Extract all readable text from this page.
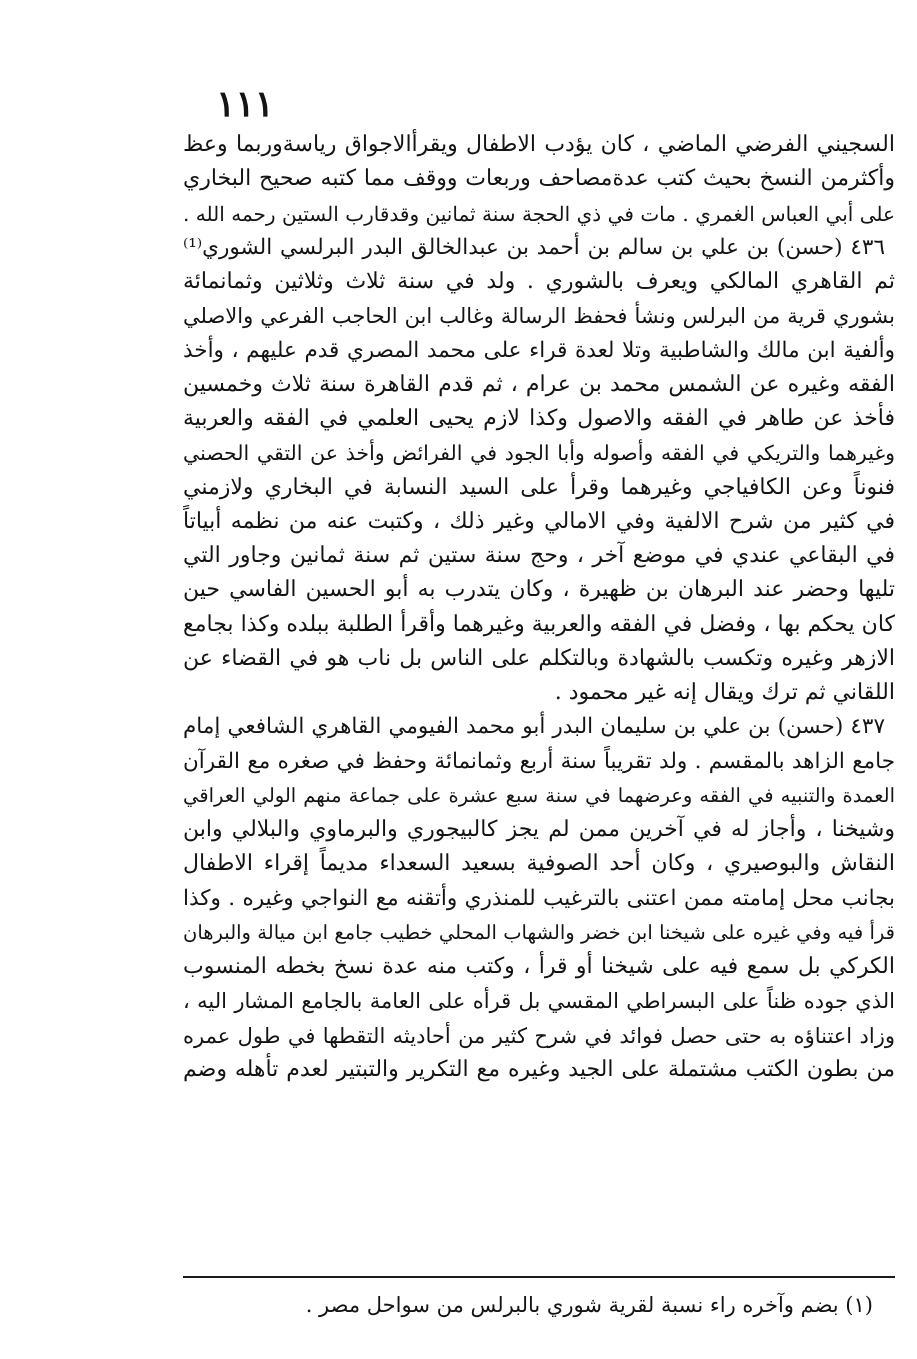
١١١
السجيني الفرضي الماضي ، كان يؤدب الاطفال ويقرأالاجواق رياسةوربما وعظ
وأكثرمن النسخ بحيث كتب عدةمصاحف وربعات ووقف مما كتبه صحيح البخاري
على أبي العباس الغمري . مات في ذي الحجة سنة ثمانين وقدقارب الستين رحمه الله .
٤٣٦ (حسن) بن علي بن سالم بن أحمد بن عبدالخالق البدر البرلسي الشوري⁽¹⁾
ثم القاهري المالكي ويعرف بالشوري . ولد في سنة ثلاث وثلاثين وثمانمائة
بشوري قرية من البرلس ونشأ فحفظ الرسالة وغالب ابن الحاجب الفرعي والاصلي
وألفية ابن مالك والشاطبية وتلا لعدة قراء على محمد المصري قدم عليهم ، وأخذ
الفقه وغيره عن الشمس محمد بن عرام ، ثم قدم القاهرة سنة ثلاث وخمسين
فأخذ عن طاهر في الفقه والاصول وكذا لازم يحيى العلمي في الفقه والعربية
وغيرهما والتريكي في الفقه وأصوله وأبا الجود في الفرائض وأخذ عن التقي الحصني
فنوناً وعن الكافياجي وغيرهما وقرأ على السيد النسابة في البخاري ولازمني
في كثير من شرح الالفية وفي الامالي وغير ذلك ، وكتبت عنه من نظمه أبياتاً
في البقاعي عندي في موضع آخر ، وحج سنة ستين ثم سنة ثمانين وجاور التي
تليها وحضر عند البرهان بن ظهيرة ، وكان يتدرب به أبو الحسين الفاسي حين
كان يحكم بها ، وفضل في الفقه والعربية وغيرهما وأقرأ الطلبة ببلده وكذا بجامع
الازهر وغيره وتكسب بالشهادة وبالتكلم على الناس بل ناب هو في القضاء عن
اللقاني ثم ترك ويقال إنه غير محمود .
٤٣٧ (حسن) بن علي بن سليمان البدر أبو محمد الفيومي القاهري الشافعي إمام
جامع الزاهد بالمقسم . ولد تقريباً سنة أربع وثمانمائة وحفظ في صغره مع القرآن
العمدة والتنبيه في الفقه وعرضهما في سنة سبع عشرة على جماعة منهم الولي العراقي
وشيخنا ، وأجاز له في آخرين ممن لم يجز كالبيجوري والبرماوي والبلالي وابن
النقاش والبوصيري ، وكان أحد الصوفية بسعيد السعداء مديماً إقراء الاطفال
بجانب محل إمامته ممن اعتنى بالترغيب للمنذري وأتقنه مع النواجي وغيره . وكذا
قرأ فيه وفي غيره على شيخنا ابن خضر والشهاب المحلي خطيب جامع ابن ميالة والبرهان
الكركي بل سمع فيه على شيخنا أو قرأ ، وكتب منه عدة نسخ بخطه المنسوب
الذي جوده ظناً على البسراطي المقسي بل قرأه على العامة بالجامع المشار اليه ،
وزاد اعتناؤه به حتى حصل فوائد في شرح كثير من أحاديثه التقطها في طول عمره
من بطون الكتب مشتملة على الجيد وغيره مع التكرير والتبتير لعدم تأهله وضم
(١) بضم وآخره راء نسبة لقرية شوري بالبرلس من سواحل مصر .
